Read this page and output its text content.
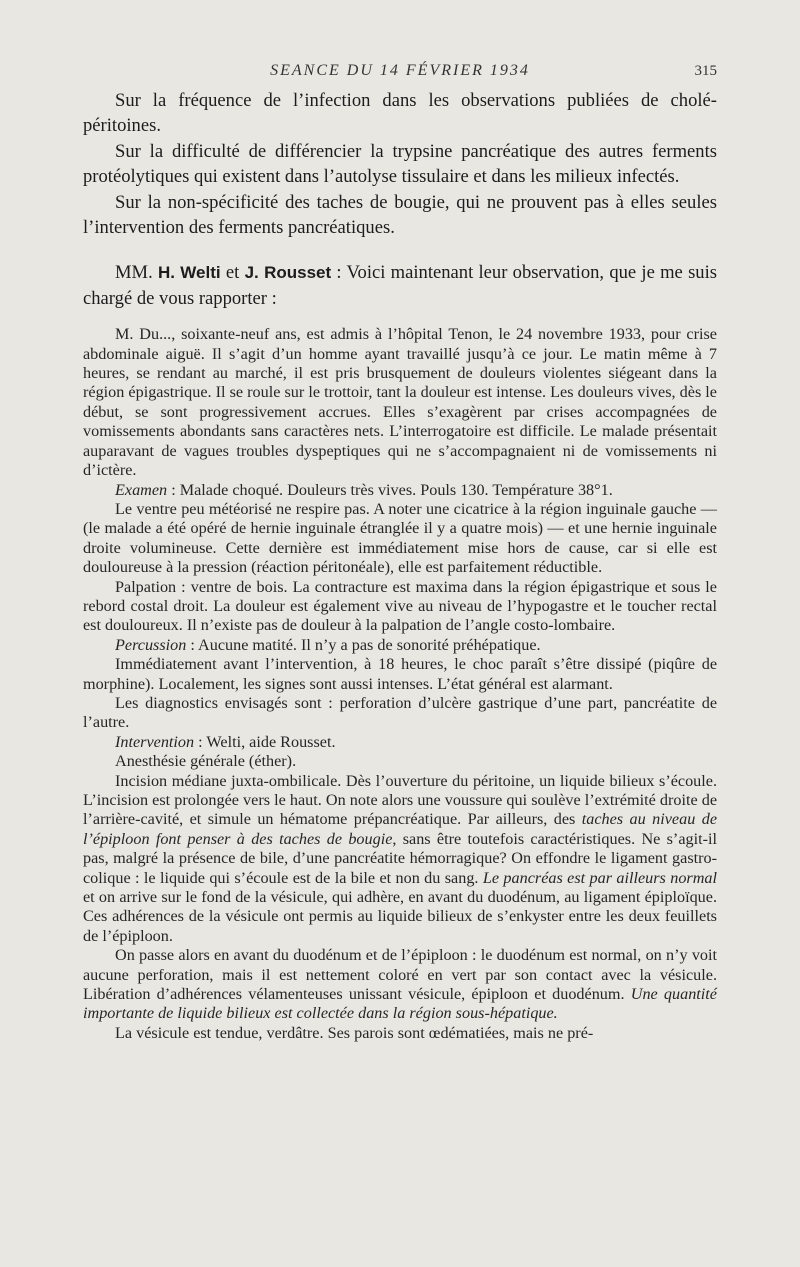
SEANCE DU 14 FÉVRIER 1934	315

Sur la fréquence de l’infection dans les observations publiées de cholé-péritoines.

Sur la difficulté de différencier la trypsine pancréatique des autres ferments protéolytiques qui existent dans l’autolyse tissulaire et dans les milieux infectés.

Sur la non-spécificité des taches de bougie, qui ne prouvent pas à elles seules l’intervention des ferments pancréatiques.

MM. H. Welti et J. Rousset : Voici maintenant leur observation, que je me suis chargé de vous rapporter :

M. Du..., soixante-neuf ans, est admis à l’hôpital Tenon, le 24 novembre 1933, pour crise abdominale aiguë. Il s’agit d’un homme ayant travaillé jusqu’à ce jour. Le matin même à 7 heures, se rendant au marché, il est pris brusquement de douleurs violentes siégeant dans la région épigastrique. Il se roule sur le trottoir, tant la douleur est intense. Les douleurs vives, dès le début, se sont progressivement accrues. Elles s’exagèrent par crises accompagnées de vomissements abondants sans caractères nets. L’interrogatoire est difficile. Le malade présentait auparavant de vagues troubles dyspeptiques qui ne s’accompagnaient ni de vomissements ni d’ictère.

Examen : Malade choqué. Douleurs très vives. Pouls 130. Température 38°1.

Le ventre peu météorisé ne respire pas. A noter une cicatrice à la région inguinale gauche — (le malade a été opéré de hernie inguinale étranglée il y a quatre mois) — et une hernie inguinale droite volumineuse. Cette dernière est immédiatement mise hors de cause, car si elle est douloureuse à la pression (réaction péritonéale), elle est parfaitement réductible.

Palpation : ventre de bois. La contracture est maxima dans la région épigastrique et sous le rebord costal droit. La douleur est également vive au niveau de l’hypogastre et le toucher rectal est douloureux. Il n’existe pas de douleur à la palpation de l’angle costo-lombaire.

Percussion : Aucune matité. Il n’y a pas de sonorité préhépatique.

Immédiatement avant l’intervention, à 18 heures, le choc paraît s’être dissipé (piqûre de morphine). Localement, les signes sont aussi intenses. L’état général est alarmant.

Les diagnostics envisagés sont : perforation d’ulcère gastrique d’une part, pancréatite de l’autre.

Intervention : Welti, aide Rousset.

Anesthésie générale (éther).

Incision médiane juxta-ombilicale. Dès l’ouverture du péritoine, un liquide bilieux s’écoule. L’incision est prolongée vers le haut. On note alors une voussure qui soulève l’extrémité droite de l’arrière-cavité, et simule un hématome prépancréatique. Par ailleurs, des taches au niveau de l’épiploon font penser à des taches de bougie, sans être toutefois caractéristiques. Ne s’agit-il pas, malgré la présence de bile, d’une pancréatite hémorragique? On effondre le ligament gastro-colique : le liquide qui s’écoule est de la bile et non du sang. Le pancréas est par ailleurs normal et on arrive sur le fond de la vésicule, qui adhère, en avant du duodénum, au ligament épiploïque. Ces adhérences de la vésicule ont permis au liquide bilieux de s’enkyster entre les deux feuillets de l’épiploon.

On passe alors en avant du duodénum et de l’épiploon : le duodénum est normal, on n’y voit aucune perforation, mais il est nettement coloré en vert par son contact avec la vésicule. Libération d’adhérences vélamenteuses unissant vésicule, épiploon et duodénum. Une quantité importante de liquide bilieux est collectée dans la région sous-hépatique.

La vésicule est tendue, verdâtre. Ses parois sont œdématiées, mais ne pré-
